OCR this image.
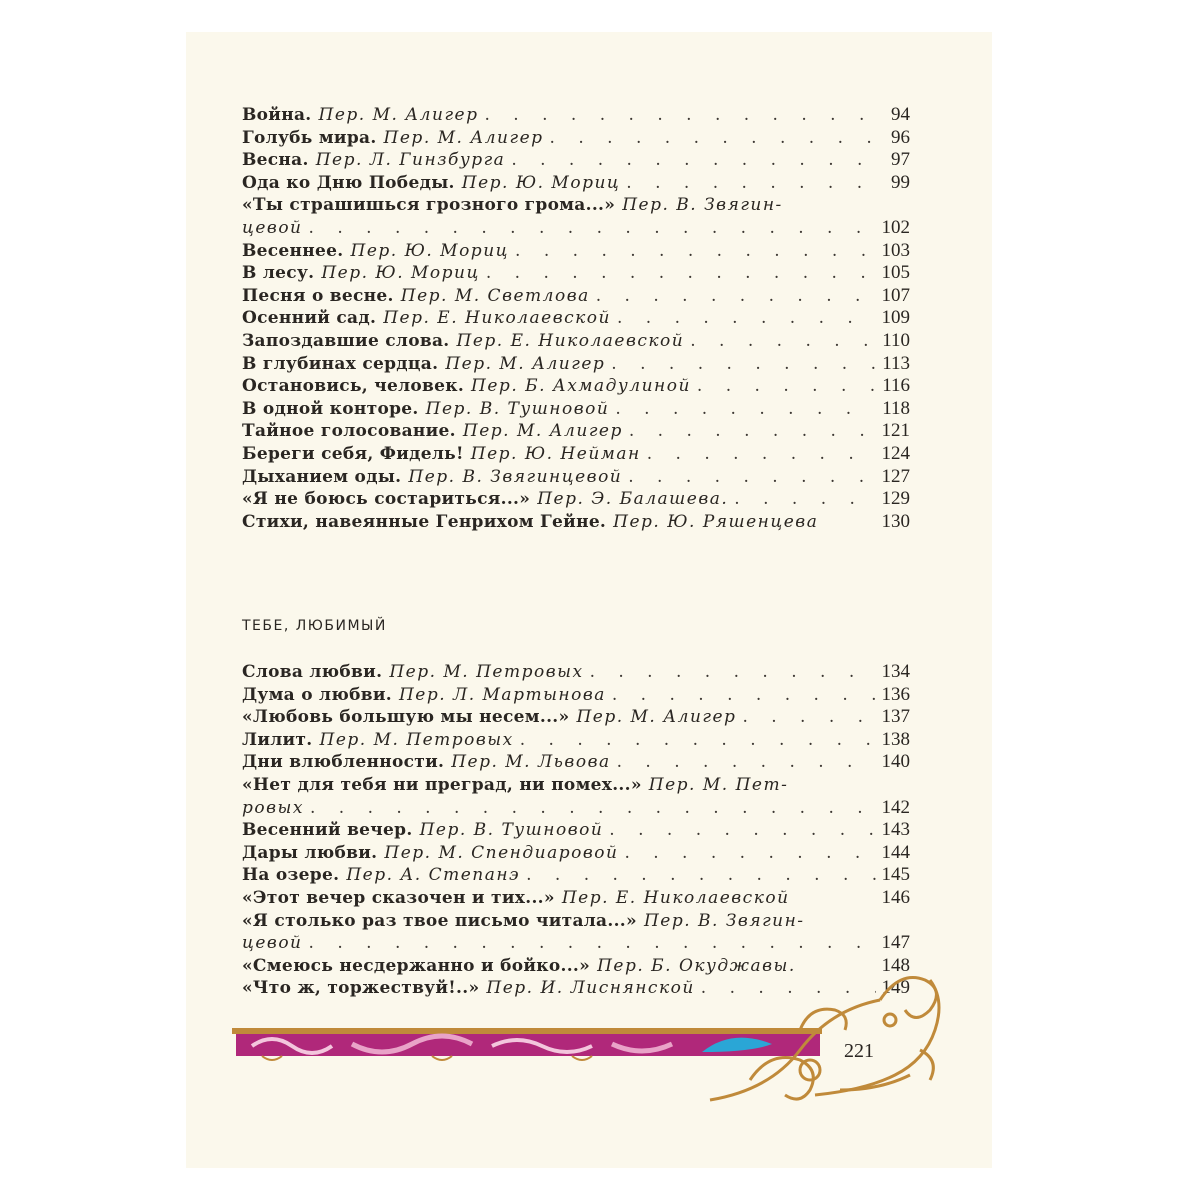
Война. Пер. М. Алигер . . .	94
Голубь мира. Пер. М. Алигер . . .	96
Весна. Пер. Л. Гинзбурга . . .	97
Ода ко Дню Победы. Пер. Ю. Мориц . . .	99
«Ты страшишься грозного грома...» Пер. В. Звягин-
цевой . . .	102
Весеннее. Пер. Ю. Мориц . . .	103
В лесу. Пер. Ю. Мориц . . .	105
Песня о весне. Пер. М. Светлова . . .	107
Осенний сад. Пер. Е. Николаевской . . .	109
Запоздавшие слова. Пер. Е. Николаевской . . .	110
В глубинах сердца. Пер. М. Алигер . . .	113
Остановись, человек. Пер. Б. Ахмадулиной . . .	116
В одной конторе. Пер. В. Тушновой . . .	118
Тайное голосование. Пер. М. Алигер . . .	121
Береги себя, Фидель! Пер. Ю. Нейман . . .	124
Дыханием оды. Пер. В. Звягинцевой . . .	127
«Я не боюсь состариться...» Пер. Э. Балашева. . . .	129
Стихи, навеянные Генрихом Гейне. Пер. Ю. Ряшенцева	130
ТЕБЕ, ЛЮБИМЫЙ
Слова любви. Пер. М. Петровых . . .	134
Дума о любви. Пер. Л. Мартынова . . .	136
«Любовь большую мы несем...» Пер. М. Алигер . . .	137
Лилит. Пер. М. Петровых . . .	138
Дни влюбленности. Пер. М. Львова . . .	140
«Нет для тебя ни преград, ни помех...» Пер. М. Пет-
ровых . . .	142
Весенний вечер. Пер. В. Тушновой . . .	143
Дары любви. Пер. М. Спендиаровой . . .	144
На озере. Пер. А. Степанэ . . .	145
«Этот вечер сказочен и тих...» Пер. Е. Николаевской	146
«Я столько раз твое письмо читала...» Пер. В. Звягин-
цевой . . .	147
«Смеюсь несдержанно и бойко...» Пер. Б. Окуджавы.	148
«Что ж, торжествуй!..» Пер. И. Лиснянской . . .	149
221
